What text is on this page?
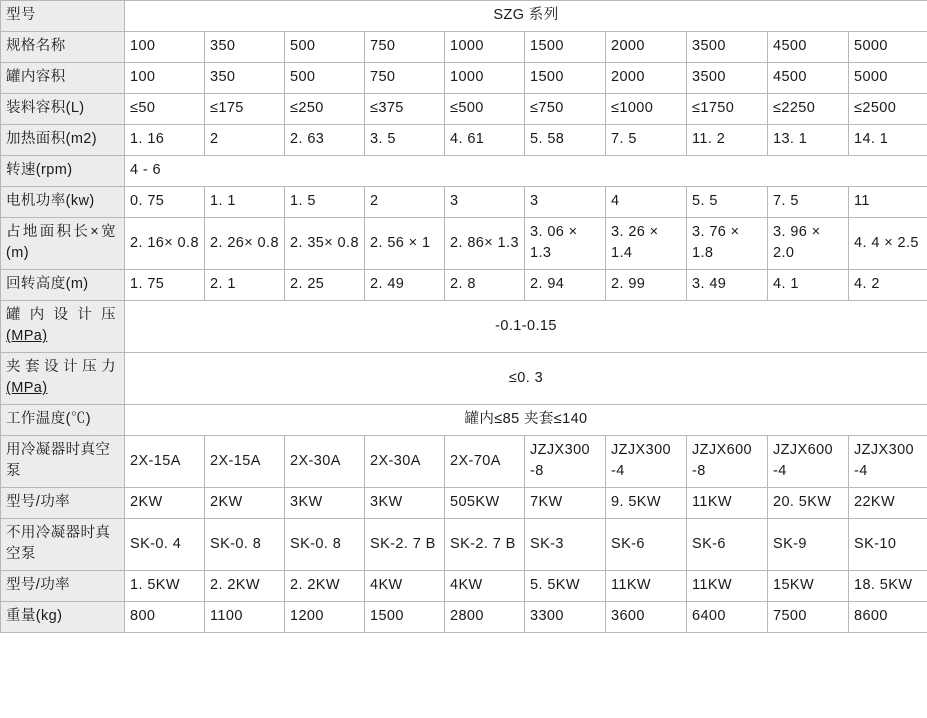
型号	SZG 系列									
规格名称	100	350	500	750	1000	1500	2000	3500	4500	5000
罐内容积	100	350	500	750	1000	1500	2000	3500	4500	5000
装料容积(L)	≤50	≤175	≤250	≤375	≤500	≤750	≤1000	≤1750	≤2250	≤2500
加热面积(m2)	1. 16	2	2. 63	3. 5	4. 61	5. 58	7. 5	11. 2	13. 1	14. 1
转速(rpm)	4 - 6									
电机功率(kw)	0. 75	1. 1	1. 5	2	3	3	4	5. 5	7. 5	11
占地面积长×宽(m)	2. 16× 0.8	2. 26× 0.8	2. 35× 0.8	2. 56 × 1	2. 86× 1.3	3. 06 × 1.3	3. 26 × 1.4	3. 76 × 1.8	3. 96 × 2.0	4. 4 × 2.5
回转高度(m)	1. 75	2. 1	2. 25	2. 49	2. 8	2. 94	2. 99	3. 49	4. 1	4. 2
罐内设计压(MPa)	-0.1-0.15									
夹套设计压力(MPa)	≤0. 3									
工作温度(℃)	罐内≤85 夹套≤140									
用冷凝器时真空泵	2X-15A	2X-15A	2X-30A	2X-30A	2X-70A	JZJX300 -8	JZJX300 -4	JZJX600 -8	JZJX600 -4	JZJX300 -4
型号/功率	2KW	2KW	3KW	3KW	505KW	7KW	9. 5KW	11KW	20. 5KW	22KW
不用冷凝器时真空泵	SK-0. 4	SK-0. 8	SK-0. 8	SK-2. 7 B	SK-2. 7 B	SK-3	SK-6	SK-6	SK-9	SK-10
型号/功率	1. 5KW	2. 2KW	2. 2KW	4KW	4KW	5. 5KW	11KW	11KW	15KW	18. 5KW
重量(kg)	800	1100	1200	1500	2800	3300	3600	6400	7500	8600
